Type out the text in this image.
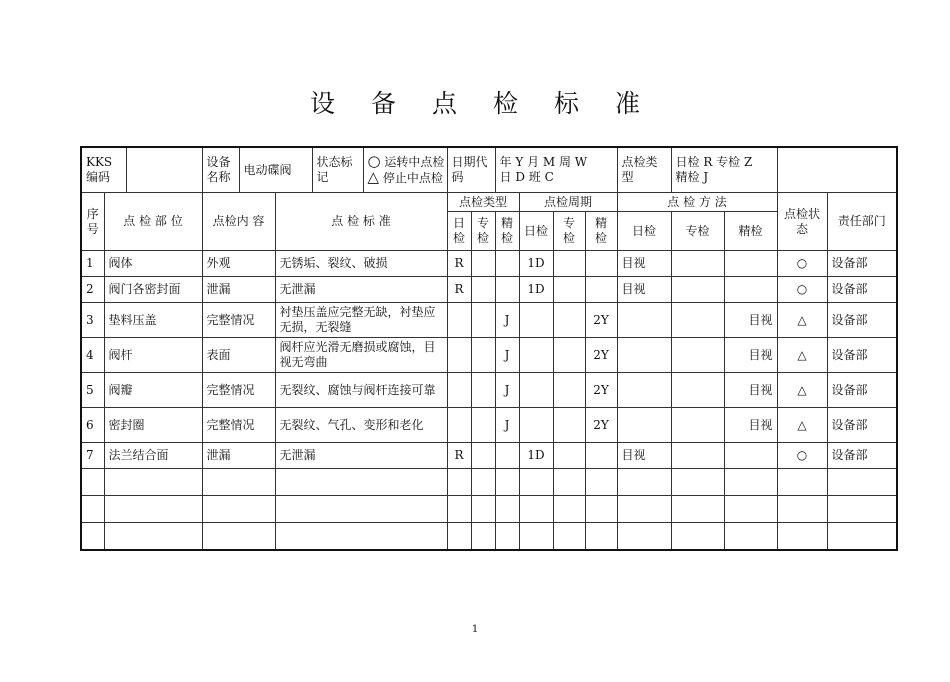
设备点检标准
KKS编码	

设备名称	电动碟阀	状态标记	
○ 运转中点检
△ 停止中点检
	日期代码	
年 Y 月 M 周 W
日 D 班 C
	点检类型	
日检 R 专检 Z
精检 J

序号	点 检 部 位	点检内 容	点 检 标 准	点检类型	点检周期	点 检 方 法	点检状态	责任部门
日检	专检	精检	日检	专检	精检	日检	专检	精检
1	阀体	外观	无锈垢、裂纹、破损	R			1D			目视			○	设备部
2	阀门各密封面	泄漏	无泄漏	R			1D			目视			○	设备部
3	垫料压盖	完整情况	衬垫压盖应完整无缺，衬垫应无损，无裂缝			J			2Y			目视	△	设备部
4	阀杆	表面	阀杆应光滑无磨损或腐蚀，目视无弯曲			J			2Y			目视	△	设备部
5	阀瓣	完整情况	无裂纹、腐蚀与阀杆连接可靠			J			2Y			目视	△	设备部
6	密封圈	完整情况	无裂纹、气孔、变形和老化			J			2Y			目视	△	设备部
7	法兰结合面	泄漏	无泄漏	R			1D			目视			○	设备部

1
